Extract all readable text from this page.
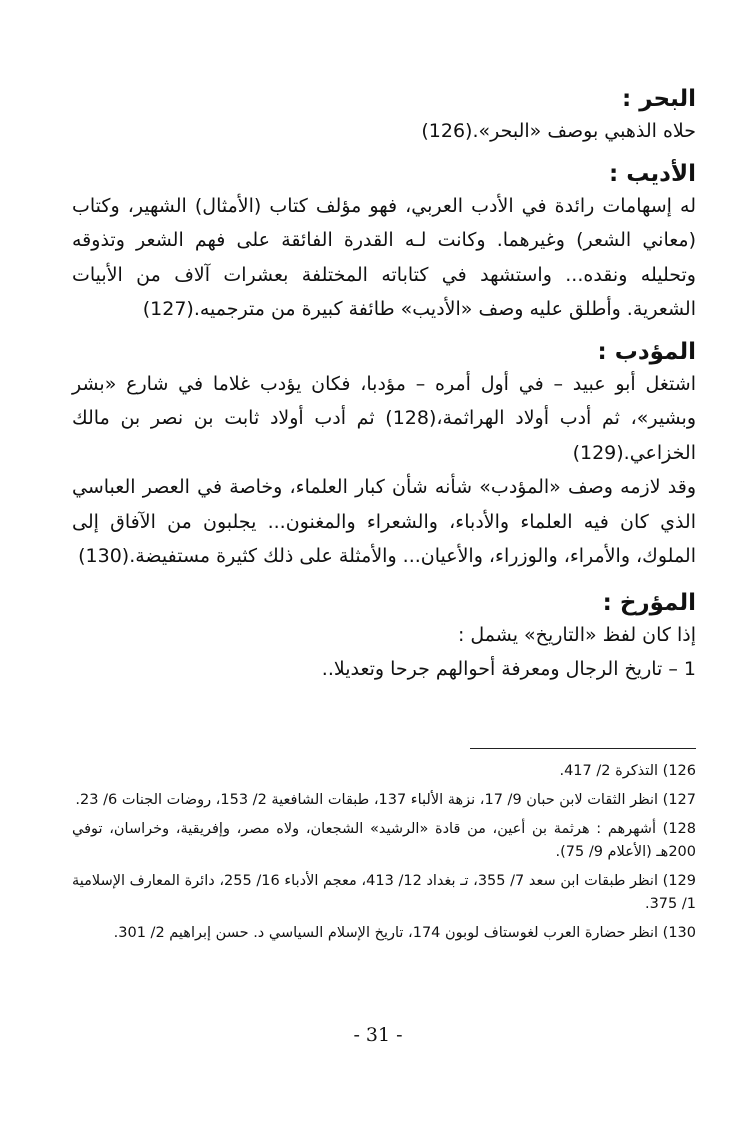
البحر :

حلاه الذهبي بوصف «البحر».(126)

الأديب :

له إسهامات رائدة في الأدب العربي، فهو مؤلف كتاب (الأمثال) الشهير، وكتاب (معاني الشعر) وغيرهما. وكانت لـه القدرة الفائقة على فهم الشعر وتذوقه وتحليله ونقده... واستشهد في كتاباته المختلفة بعشرات آلاف من الأبيات الشعرية. وأطلق عليه وصف «الأديب» طائفة كبيرة من مترجميه.(127)

المؤدب :

اشتغل أبو عبيد – في أول أمره – مؤدبا، فكان يؤدب غلاما في شارع «بشر وبشير»، ثم أدب أولاد الهراثمة،(128) ثم أدب أولاد ثابت بن نصر بن مالك الخزاعي.(129)

وقد لازمه وصف «المؤدب» شأنه شأن كبار العلماء، وخاصة في العصر العباسي الذي كان فيه العلماء والأدباء، والشعراء والمغنون... يجلبون من الآفاق إلى الملوك، والأمراء، والوزراء، والأعيان... والأمثلة على ذلك كثيرة مستفيضة.(130)

المؤرخ :

إذا كان لفظ «التاريخ» يشمل :

1 – تاريخ الرجال ومعرفة أحوالهم جرحا وتعديلا..

126) التذكرة 2/ 417.

127) انظر الثقات لابن حبان 9/ 17، نزهة الألباء 137، طبقات الشافعية 2/ 153، روضات الجنات 6/ 23.

128) أشهرهم : هرثمة بن أعين، من قادة «الرشيد» الشجعان، ولاه مصر، وإفريقية، وخراسان، توفي 200هـ (الأعلام 9/ 75).

129) انظر طبقات ابن سعد 7/ 355، تـ بغداد 12/ 413، معجم الأدباء 16/ 255، دائرة المعارف الإسلامية 1/ 375.

130) انظر حضارة العرب لغوستاف لوبون 174، تاريخ الإسلام السياسي د. حسن إبراهيم 2/ 301.

- 31 -
